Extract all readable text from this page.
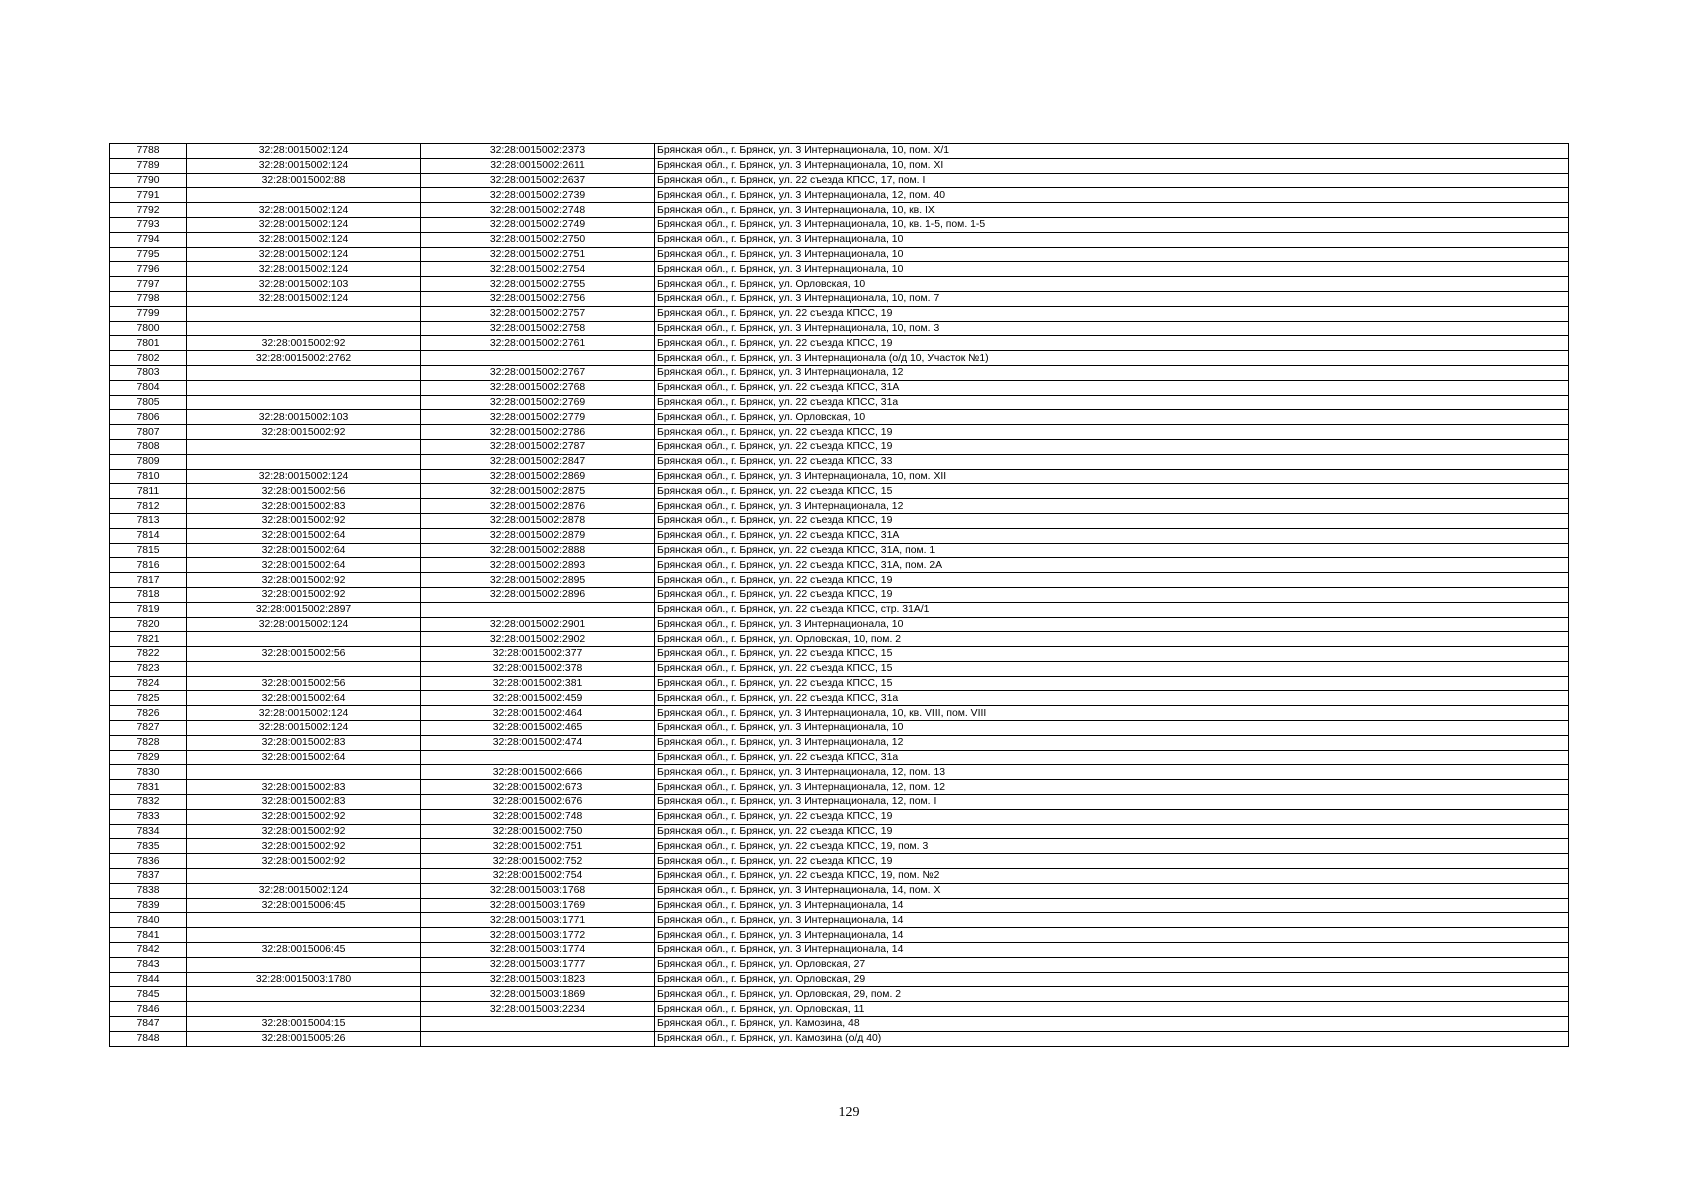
7788	32:28:0015002:124	32:28:0015002:2373	Брянская обл., г. Брянск, ул. 3 Интернационала, 10, пом. X/1
7789	32:28:0015002:124	32:28:0015002:2611	Брянская обл., г. Брянск, ул. 3 Интернационала, 10, пом. XI
7790	32:28:0015002:88	32:28:0015002:2637	Брянская обл., г. Брянск, ул. 22 съезда КПСС, 17, пом. I
7791		32:28:0015002:2739	Брянская обл., г. Брянск, ул. 3 Интернационала, 12, пом. 40
7792	32:28:0015002:124	32:28:0015002:2748	Брянская обл., г. Брянск, ул. 3 Интернационала, 10, кв. IX
7793	32:28:0015002:124	32:28:0015002:2749	Брянская обл., г. Брянск, ул. 3 Интернационала, 10, кв. 1-5, пом. 1-5
7794	32:28:0015002:124	32:28:0015002:2750	Брянская обл., г. Брянск, ул. 3 Интернационала, 10
7795	32:28:0015002:124	32:28:0015002:2751	Брянская обл., г. Брянск, ул. 3 Интернационала, 10
7796	32:28:0015002:124	32:28:0015002:2754	Брянская обл., г. Брянск, ул. 3 Интернационала, 10
7797	32:28:0015002:103	32:28:0015002:2755	Брянская обл., г. Брянск, ул. Орловская, 10
7798	32:28:0015002:124	32:28:0015002:2756	Брянская обл., г. Брянск, ул. 3 Интернационала, 10, пом. 7
7799		32:28:0015002:2757	Брянская обл., г. Брянск, ул. 22 съезда КПСС, 19
7800		32:28:0015002:2758	Брянская обл., г. Брянск, ул. 3 Интернационала, 10, пом. 3
7801	32:28:0015002:92	32:28:0015002:2761	Брянская обл., г. Брянск, ул. 22 съезда КПСС, 19
7802	32:28:0015002:2762		Брянская обл., г. Брянск, ул. 3 Интернационала (о/д 10, Участок №1)
7803		32:28:0015002:2767	Брянская обл., г. Брянск, ул. 3 Интернационала, 12
7804		32:28:0015002:2768	Брянская обл., г. Брянск, ул. 22 съезда КПСС, 31А
7805		32:28:0015002:2769	Брянская обл., г. Брянск, ул. 22 съезда КПСС, 31а
7806	32:28:0015002:103	32:28:0015002:2779	Брянская обл., г. Брянск, ул. Орловская, 10
7807	32:28:0015002:92	32:28:0015002:2786	Брянская обл., г. Брянск, ул. 22 съезда КПСС, 19
7808		32:28:0015002:2787	Брянская обл., г. Брянск, ул. 22 съезда КПСС, 19
7809		32:28:0015002:2847	Брянская обл., г. Брянск, ул. 22 съезда КПСС, 33
7810	32:28:0015002:124	32:28:0015002:2869	Брянская обл., г. Брянск, ул. 3 Интернационала, 10, пом. XII
7811	32:28:0015002:56	32:28:0015002:2875	Брянская обл., г. Брянск, ул. 22 съезда КПСС, 15
7812	32:28:0015002:83	32:28:0015002:2876	Брянская обл., г. Брянск, ул. 3 Интернационала, 12
7813	32:28:0015002:92	32:28:0015002:2878	Брянская обл., г. Брянск, ул. 22 съезда КПСС, 19
7814	32:28:0015002:64	32:28:0015002:2879	Брянская обл., г. Брянск, ул. 22 съезда КПСС, 31А
7815	32:28:0015002:64	32:28:0015002:2888	Брянская обл., г. Брянск, ул. 22 съезда КПСС, 31А, пом. 1
7816	32:28:0015002:64	32:28:0015002:2893	Брянская обл., г. Брянск, ул. 22 съезда КПСС, 31А, пом. 2А
7817	32:28:0015002:92	32:28:0015002:2895	Брянская обл., г. Брянск, ул. 22 съезда КПСС, 19
7818	32:28:0015002:92	32:28:0015002:2896	Брянская обл., г. Брянск, ул. 22 съезда КПСС, 19
7819	32:28:0015002:2897		Брянская обл., г. Брянск, ул. 22 съезда КПСС, стр. 31А/1
7820	32:28:0015002:124	32:28:0015002:2901	Брянская обл., г. Брянск, ул. 3 Интернационала, 10
7821		32:28:0015002:2902	Брянская обл., г. Брянск, ул. Орловская, 10, пом. 2
7822	32:28:0015002:56	32:28:0015002:377	Брянская обл., г. Брянск, ул. 22 съезда КПСС, 15
7823		32:28:0015002:378	Брянская обл., г. Брянск, ул. 22 съезда КПСС, 15
7824	32:28:0015002:56	32:28:0015002:381	Брянская обл., г. Брянск, ул. 22 съезда КПСС, 15
7825	32:28:0015002:64	32:28:0015002:459	Брянская обл., г. Брянск, ул. 22 съезда КПСС, 31а
7826	32:28:0015002:124	32:28:0015002:464	Брянская обл., г. Брянск, ул. 3 Интернационала, 10, кв. VIII, пом. VIII
7827	32:28:0015002:124	32:28:0015002:465	Брянская обл., г. Брянск, ул. 3 Интернационала, 10
7828	32:28:0015002:83	32:28:0015002:474	Брянская обл., г. Брянск, ул. 3 Интернационала, 12
7829	32:28:0015002:64		Брянская обл., г. Брянск, ул. 22 съезда КПСС, 31а
7830		32:28:0015002:666	Брянская обл., г. Брянск, ул. 3 Интернационала, 12, пом. 13
7831	32:28:0015002:83	32:28:0015002:673	Брянская обл., г. Брянск, ул. 3 Интернационала, 12, пом. 12
7832	32:28:0015002:83	32:28:0015002:676	Брянская обл., г. Брянск, ул. 3 Интернационала, 12, пом. I
7833	32:28:0015002:92	32:28:0015002:748	Брянская обл., г. Брянск, ул. 22 съезда КПСС, 19
7834	32:28:0015002:92	32:28:0015002:750	Брянская обл., г. Брянск, ул. 22 съезда КПСС, 19
7835	32:28:0015002:92	32:28:0015002:751	Брянская обл., г. Брянск, ул. 22 съезда КПСС, 19, пом. 3
7836	32:28:0015002:92	32:28:0015002:752	Брянская обл., г. Брянск, ул. 22 съезда КПСС, 19
7837		32:28:0015002:754	Брянская обл., г. Брянск, ул. 22 съезда КПСС, 19, пом. №2
7838	32:28:0015002:124	32:28:0015003:1768	Брянская обл., г. Брянск, ул. 3 Интернационала, 14, пом. X
7839	32:28:0015006:45	32:28:0015003:1769	Брянская обл., г. Брянск, ул. 3 Интернационала, 14
7840		32:28:0015003:1771	Брянская обл., г. Брянск, ул. 3 Интернационала, 14
7841		32:28:0015003:1772	Брянская обл., г. Брянск, ул. 3 Интернационала, 14
7842	32:28:0015006:45	32:28:0015003:1774	Брянская обл., г. Брянск, ул. 3 Интернационала, 14
7843		32:28:0015003:1777	Брянская обл., г. Брянск, ул. Орловская, 27
7844	32:28:0015003:1780	32:28:0015003:1823	Брянская обл., г. Брянск, ул. Орловская, 29
7845		32:28:0015003:1869	Брянская обл., г. Брянск, ул. Орловская, 29, пом. 2
7846		32:28:0015003:2234	Брянская обл., г. Брянск, ул. Орловская, 11
7847	32:28:0015004:15		Брянская обл., г. Брянск, ул. Камозина, 48
7848	32:28:0015005:26		Брянская обл., г. Брянск, ул. Камозина (о/д 40)
129
